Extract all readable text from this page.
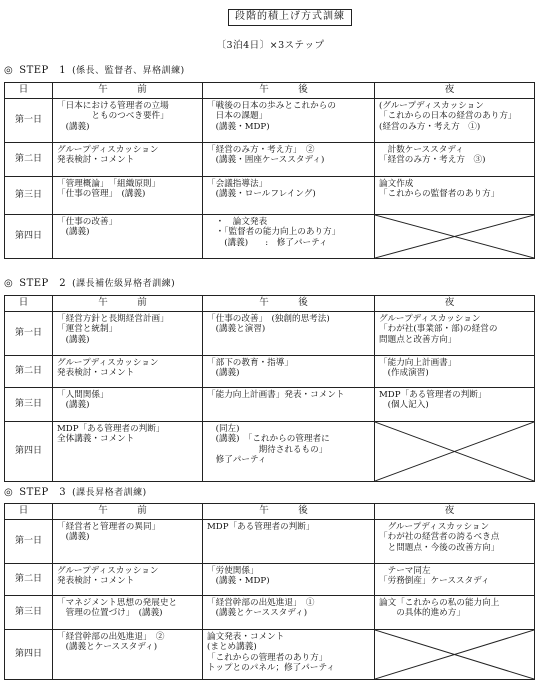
段階的積上げ方式訓練
〔3泊4日〕×3ステップ
◎ STEP　1 (係長、監督者、昇格訓練)
日	午　前	午　後	夜
第一日	「日本における管理者の立場
　　　　とものつべき要件」
　(講義)	「戦後の日本の歩みとこれからの
　日本の課題」
　(講義・MDP)	(グループディスカッション
「これからの日本の経営のあり方」
(経営のみ方・考え方　①)

第二日	グループディスカッション
発表検討・コメント	「経営のみ方・考え方」　②
　(講義・囲座ケーススタディ)	　計数ケーススタディ
「経営のみ方・考え方　③)

第三日	「管理概論」　「組織原則」
「仕事の管理」　(講義)	「会議指導法」
　(講義・ロールフレイング)	論文作成
「これからの監督者のあり方」

第四日	「仕事の改善」
　(講義)	　・　論文発表
　・「監督者の能力向上のあり方」
　　(講義)　　:　修了パーティ

◎ STEP　2 (課長補佐級昇格者訓練)
日	午　前	午　後	夜
第一日	「経営方針と長期経営計画」
「運営と統制」
　(講義)	「仕事の改善」　(独創的思考法)
　(講義と演習)	グループディスカッション
「わが社(事業部・部)の経営の
問題点と改善方向」

第二日	グループディスカッション
発表検討・コメント	「部下の教育・指導」
　(講義)	「能力向上計画書」
　(作成演習)

第三日	「人間関係」
　(講義)	「能力向上計画書」発表・コメント	MDP「ある管理者の判断」
　(個人記入)

第四日	MDP「ある管理者の判断」
全体講義・コメント	　(同左)
　(講義)　「これからの管理者に
　　　　　　期待されるもの」
　修了パーティ

◎ STEP　3 (課長昇格者訓練)
日	午　前	午　後	夜
第一日	「経営者と管理者の異同」
　(講義)	MDP「ある管理者の判断」	　グループディスカッション
「わが社の経営者の誇るべき点
　と問題点・今後の改善方向」

第二日	グループディスカッション
発表検討・コメント	「労使関係」
　(講義・MDP)	　テーマ同左
「労務倒産」ケーススタディ

第三日	「マネジメント思想の発展史と
　管理の位置づけ」　(講義)	「経営幹部の出処進退」　①
　(講義とケーススタディ)	論文「これからの私の能力向上
　　の具体的進め方」

第四日	「経営幹部の出処進退」　②
　(講義とケーススタディ)	論文発表・コメント
(まとめ講義)
「これからの管理者のあり方」
トップとのパネル；修了パーティ
